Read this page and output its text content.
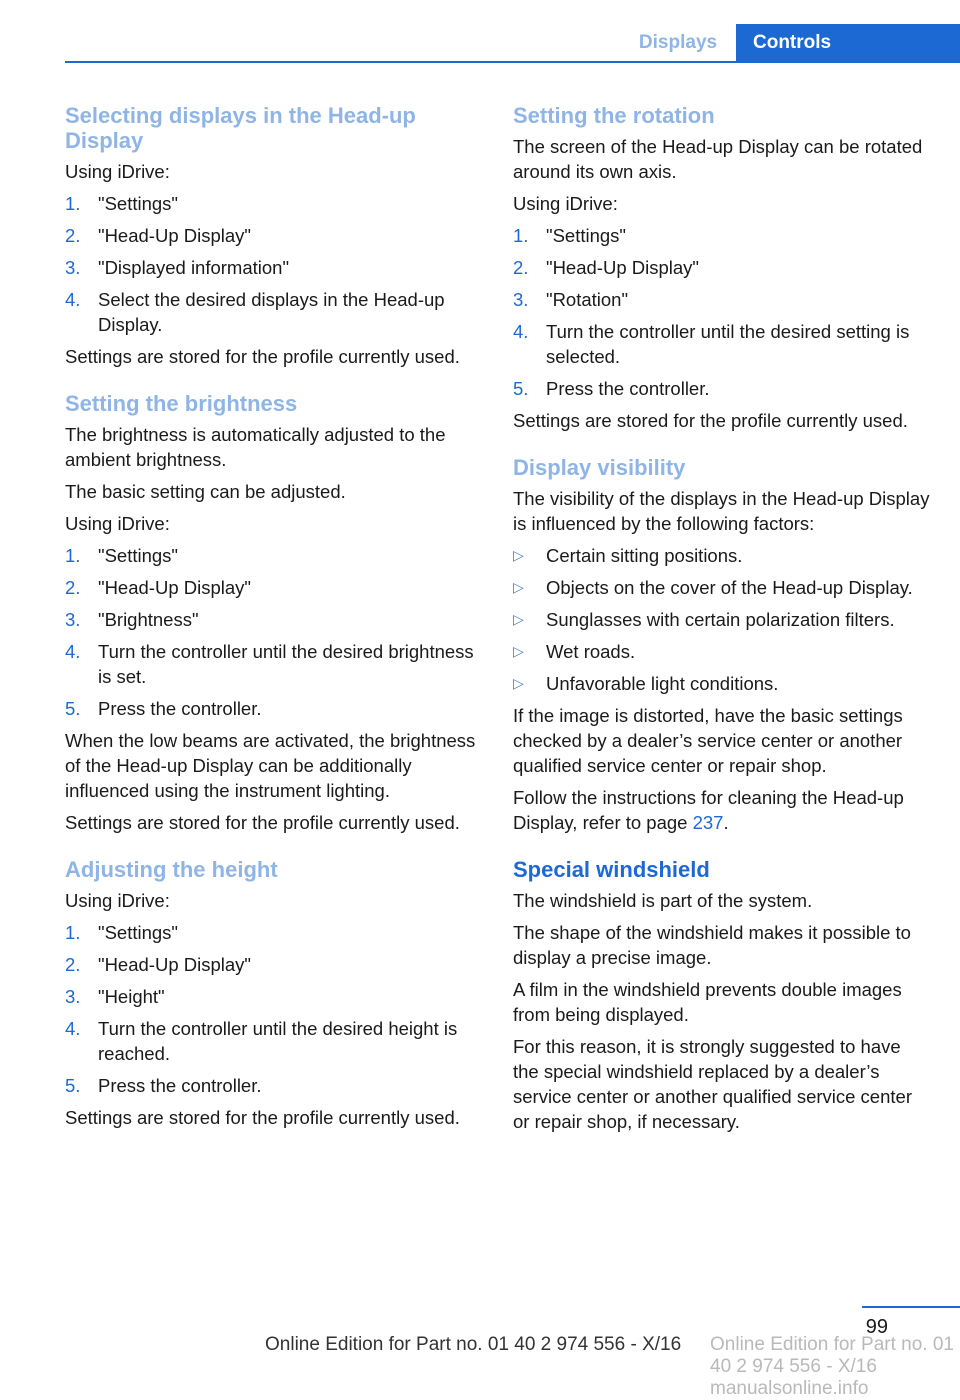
Displays	Controls
Selecting displays in the Head-up Display

Using iDrive:

1. "Settings"
2. "Head-Up Display"
3. "Displayed information"
4. Select the desired displays in the Head-up Display.

Settings are stored for the profile currently used.

Setting the brightness

The brightness is automatically adjusted to the ambient brightness.

The basic setting can be adjusted.

Using iDrive:

1. "Settings"
2. "Head-Up Display"
3. "Brightness"
4. Turn the controller until the desired brightness is set.
5. Press the controller.

When the low beams are activated, the brightness of the Head-up Display can be additionally influenced using the instrument lighting.

Settings are stored for the profile currently used.

Adjusting the height

Using iDrive:

1. "Settings"
2. "Head-Up Display"
3. "Height"
4. Turn the controller until the desired height is reached.
5. Press the controller.

Settings are stored for the profile currently used.

Setting the rotation

The screen of the Head-up Display can be rotated around its own axis.

Using iDrive:

1. "Settings"
2. "Head-Up Display"
3. "Rotation"
4. Turn the controller until the desired setting is selected.
5. Press the controller.

Settings are stored for the profile currently used.

Display visibility

The visibility of the displays in the Head-up Display is influenced by the following factors:

▷ Certain sitting positions.
▷ Objects on the cover of the Head-up Display.
▷ Sunglasses with certain polarization filters.
▷ Wet roads.
▷ Unfavorable light conditions.

If the image is distorted, have the basic settings checked by a dealer’s service center or another qualified service center or repair shop.

Follow the instructions for cleaning the Head-up Display, refer to page 237.

Special windshield

The windshield is part of the system.

The shape of the windshield makes it possible to display a precise image.

A film in the windshield prevents double images from being displayed.

For this reason, it is strongly suggested to have the special windshield replaced by a dealer’s service center or another qualified service center or repair shop, if necessary.

99
Online Edition for Part no. 01 40 2 974 556 - X/16 Online Edition for Part no. 01 40 2 974 556 - X/16 manualsonline.info
